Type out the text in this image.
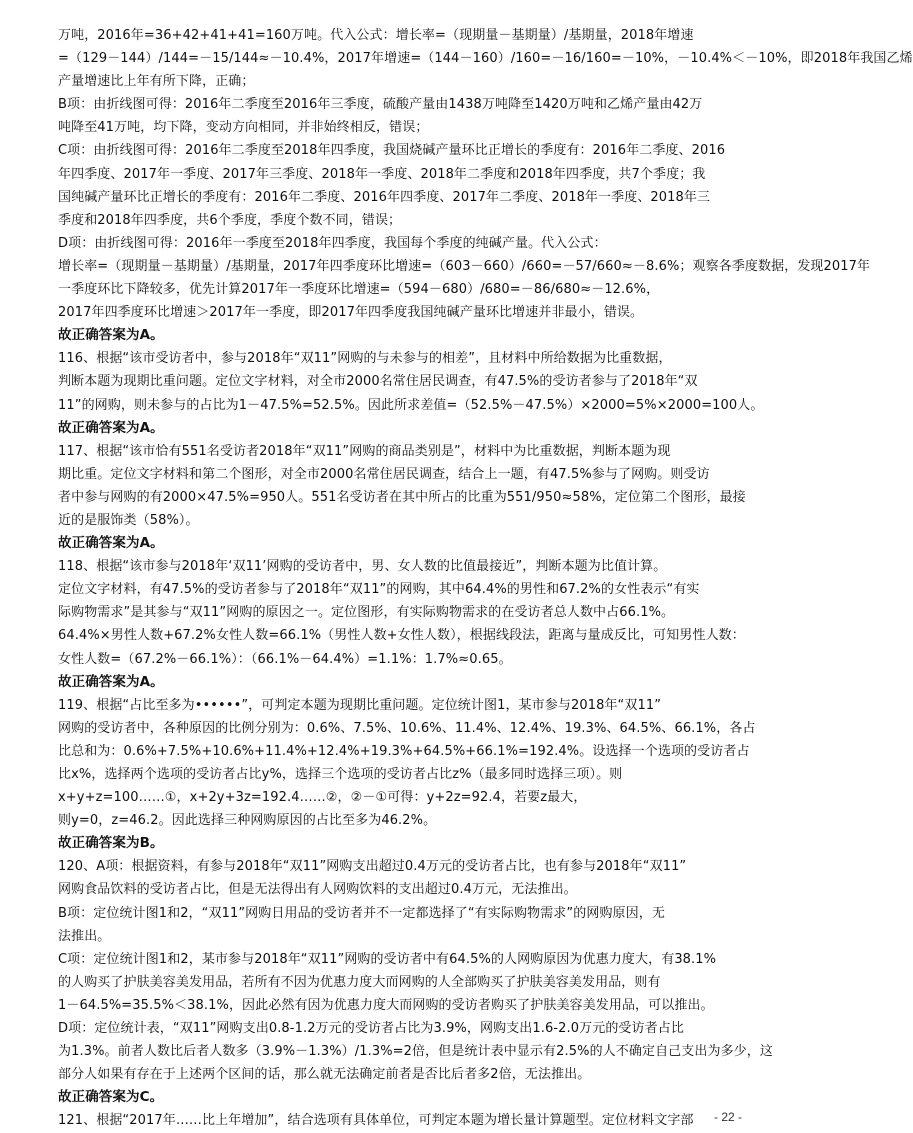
万吨，2016年=36+42+41+41=160万吨。代入公式：增长率=（现期量－基期量）/基期量，2018年增速
=（129－144）/144=－15/144≈－10.4%，2017年增速=（144－160）/160=－16/160=－10%，－10.4%＜－10%，即2018年我国乙烯
产量增速比上年有所下降，正确；
B项：由折线图可得：2016年二季度至2016年三季度，硫酸产量由1438万吨降至1420万吨和乙烯产量由42万
吨降至41万吨，均下降，变动方向相同，并非始终相反，错误；
C项：由折线图可得：2016年二季度至2018年四季度，我国烧碱产量环比正增长的季度有：2016年二季度、2016
年四季度、2017年一季度、2017年三季度、2018年一季度、2018年二季度和2018年四季度，共7个季度；我
国纯碱产量环比正增长的季度有：2016年二季度、2016年四季度、2017年二季度、2018年一季度、2018年三
季度和2018年四季度，共6个季度，季度个数不同，错误；
D项：由折线图可得：2016年一季度至2018年四季度，我国每个季度的纯碱产量。代入公式：
增长率=（现期量－基期量）/基期量，2017年四季度环比增速=（603－660）/660=－57/660≈－8.6%；观察各季度数据，发现2017年
一季度环比下降较多，优先计算2017年一季度环比增速=（594－680）/680=－86/680≈－12.6%，
2017年四季度环比增速＞2017年一季度，即2017年四季度我国纯碱产量环比增速并非最小，错误。
故正确答案为A。
116、根据“该市受访者中，参与2018年“双11”网购的与未参与的相差”，且材料中所给数据为比重数据，
判断本题为现期比重问题。定位文字材料，对全市2000名常住居民调查，有47.5%的受访者参与了2018年“双
11”的网购，则未参与的占比为1－47.5%=52.5%。因此所求差值=（52.5%－47.5%）×2000=5%×2000=100人。
故正确答案为A。
117、根据“该市恰有551名受访者2018年“双11”网购的商品类别是”，材料中为比重数据，判断本题为现
期比重。定位文字材料和第二个图形，对全市2000名常住居民调查，结合上一题，有47.5%参与了网购。则受访
者中参与网购的有2000×47.5%=950人。551名受访者在其中所占的比重为551/950≈58%，定位第二个图形，最接
近的是服饰类（58%）。
故正确答案为A。
118、根据“该市参与2018年‘双11’网购的受访者中，男、女人数的比值最接近”，判断本题为比值计算。
定位文字材料，有47.5%的受访者参与了2018年“双11”的网购，其中64.4%的男性和67.2%的女性表示“有实
际购物需求”是其参与“双11”网购的原因之一。定位图形，有实际购物需求的在受访者总人数中占66.1%。
64.4%×男性人数+67.2%女性人数=66.1%（男性人数+女性人数），根据线段法，距离与量成反比，可知男性人数：
女性人数=（67.2%－66.1%）：（66.1%－64.4%）=1.1%：1.7%≈0.65。
故正确答案为A。
119、根据“占比至多为••••••”，可判定本题为现期比重问题。定位统计图1，某市参与2018年“双11”
网购的受访者中，各种原因的比例分别为：0.6%、7.5%、10.6%、11.4%、12.4%、19.3%、64.5%、66.1%，各占
比总和为：0.6%+7.5%+10.6%+11.4%+12.4%+19.3%+64.5%+66.1%=192.4%。设选择一个选项的受访者占
比x%，选择两个选项的受访者占比y%，选择三个选项的受访者占比z%（最多同时选择三项）。则
x+y+z=100……①，x+2y+3z=192.4……②，②－①可得：y+2z=92.4，若要z最大，
则y=0，z=46.2。因此选择三种网购原因的占比至多为46.2%。
故正确答案为B。
120、A项：根据资料，有参与2018年“双11”网购支出超过0.4万元的受访者占比，也有参与2018年“双11”
网购食品饮料的受访者占比，但是无法得出有人网购饮料的支出超过0.4万元，无法推出。
B项：定位统计图1和2，“双11”网购日用品的受访者并不一定都选择了“有实际购物需求”的网购原因，无
法推出。
C项：定位统计图1和2，某市参与2018年“双11”网购的受访者中有64.5%的人网购原因为优惠力度大，有38.1%
的人购买了护肤美容美发用品，若所有不因为优惠力度大而网购的人全部购买了护肤美容美发用品，则有
1－64.5%=35.5%＜38.1%，因此必然有因为优惠力度大而网购的受访者购买了护肤美容美发用品，可以推出。
D项：定位统计表，“双11”网购支出0.8-1.2万元的受访者占比为3.9%，网购支出1.6-2.0万元的受访者占比
为1.3%。前者人数比后者人数多（3.9%－1.3%）/1.3%=2倍，但是统计表中显示有2.5%的人不确定自己支出为多少，这
部分人如果有存在于上述两个区间的话，那么就无法确定前者是否比后者多2倍，无法推出。
故正确答案为C。
121、根据“2017年……比上年增加”，结合选项有具体单位，可判定本题为增长量计算题型。定位材料文字部	- 22 -
